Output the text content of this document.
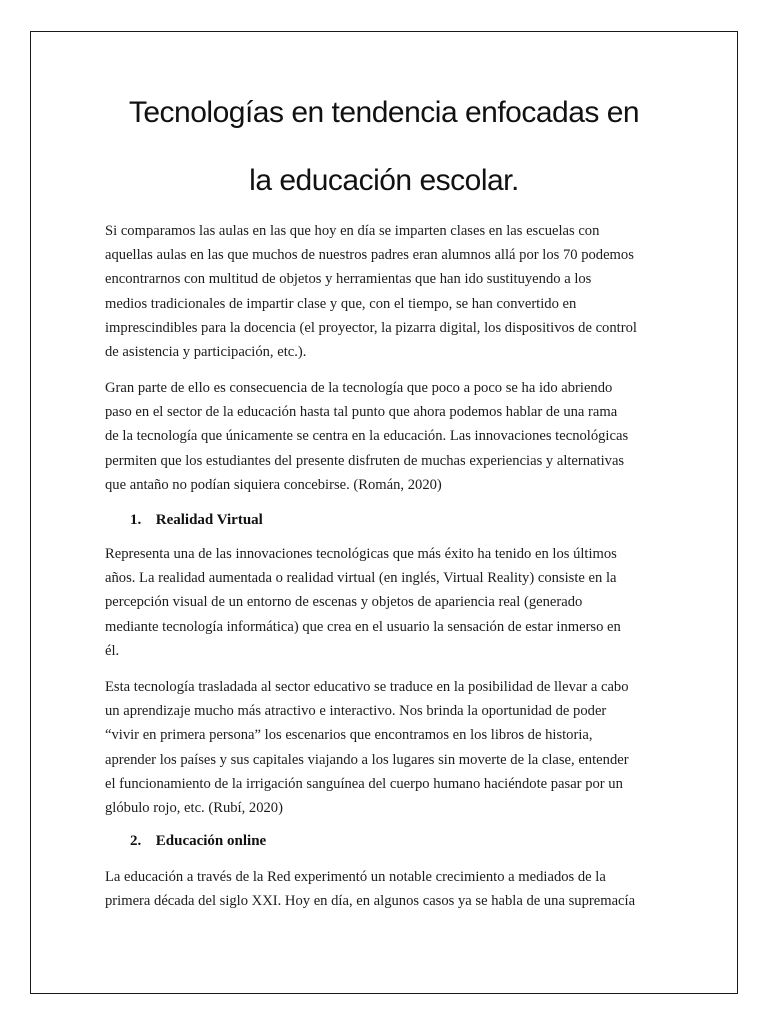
Tecnologías en tendencia enfocadas en
la educación escolar.

Si comparamos las aulas en las que hoy en día se imparten clases en las escuelas con
aquellas aulas en las que muchos de nuestros padres eran alumnos allá por los 70 podemos
encontrarnos con multitud de objetos y herramientas que han ido sustituyendo a los
medios tradicionales de impartir clase y que, con el tiempo, se han convertido en
imprescindibles para la docencia (el proyector, la pizarra digital, los dispositivos de control
de asistencia y participación, etc.).

Gran parte de ello es consecuencia de la tecnología que poco a poco se ha ido abriendo
paso en el sector de la educación hasta tal punto que ahora podemos hablar de una rama
de la tecnología que únicamente se centra en la educación. Las innovaciones tecnológicas
permiten que los estudiantes del presente disfruten de muchas experiencias y alternativas
que antaño no podían siquiera concebirse. (Román, 2020)

1. Realidad Virtual

Representa una de las innovaciones tecnológicas que más éxito ha tenido en los últimos
años. La realidad aumentada o realidad virtual (en inglés, Virtual Reality) consiste en la
percepción visual de un entorno de escenas y objetos de apariencia real (generado
mediante tecnología informática) que crea en el usuario la sensación de estar inmerso en
él.

Esta tecnología trasladada al sector educativo se traduce en la posibilidad de llevar a cabo
un aprendizaje mucho más atractivo e interactivo. Nos brinda la oportunidad de poder
“vivir en primera persona” los escenarios que encontramos en los libros de historia,
aprender los países y sus capitales viajando a los lugares sin moverte de la clase, entender
el funcionamiento de la irrigación sanguínea del cuerpo humano haciéndote pasar por un
glóbulo rojo, etc. (Rubí, 2020)

2. Educación online

La educación a través de la Red experimentó un notable crecimiento a mediados de la
primera década del siglo XXI. Hoy en día, en algunos casos ya se habla de una supremacía
